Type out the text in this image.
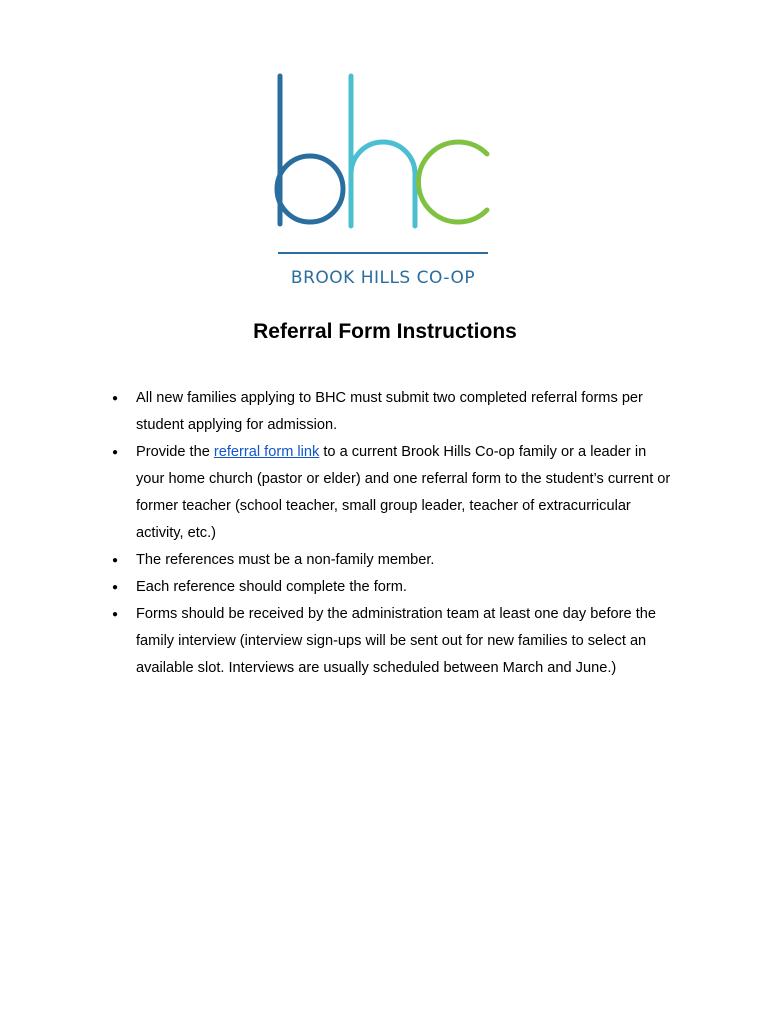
BROOK HILLS CO-OP
Referral Form Instructions
● All new families applying to BHC must submit two completed referral forms per student applying for admission.
● Provide the referral form link to a current Brook Hills Co-op family or a leader in your home church (pastor or elder) and one referral form to the student’s current or former teacher (school teacher, small group leader, teacher of extracurricular activity, etc.)
● The references must be a non-family member.
● Each reference should complete the form.
● Forms should be received by the administration team at least one day before the family interview (interview sign-ups will be sent out for new families to select an available slot. Interviews are usually scheduled between March and June.)
